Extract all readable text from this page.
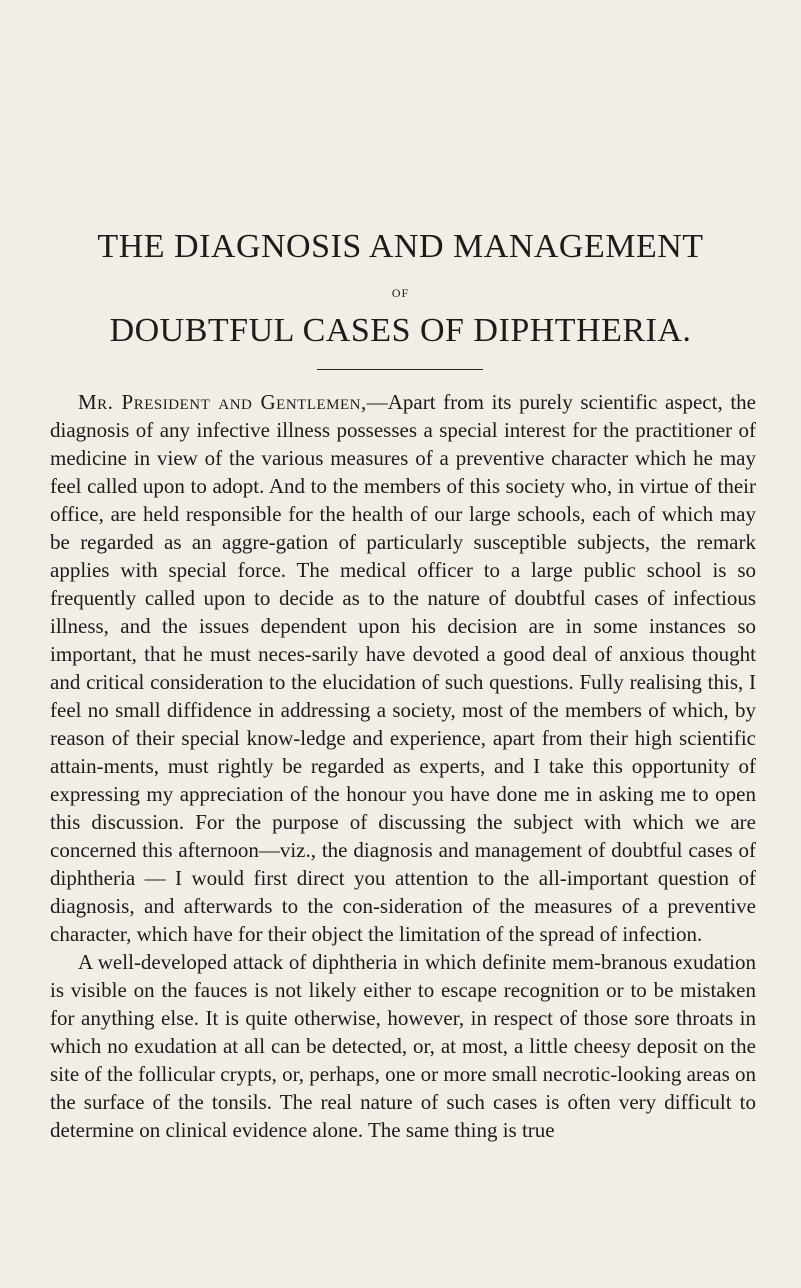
THE DIAGNOSIS AND MANAGEMENT
OF
DOUBTFUL CASES OF DIPHTHERIA.

Mr. President and Gentlemen,—Apart from its purely scientific aspect, the diagnosis of any infective illness possesses a special interest for the practitioner of medicine in view of the various measures of a preventive character which he may feel called upon to adopt. And to the members of this society who, in virtue of their office, are held responsible for the health of our large schools, each of which may be regarded as an aggre-gation of particularly susceptible subjects, the remark applies with special force. The medical officer to a large public school is so frequently called upon to decide as to the nature of doubtful cases of infectious illness, and the issues dependent upon his decision are in some instances so important, that he must neces-sarily have devoted a good deal of anxious thought and critical consideration to the elucidation of such questions. Fully realising this, I feel no small diffidence in addressing a society, most of the members of which, by reason of their special know-ledge and experience, apart from their high scientific attain-ments, must rightly be regarded as experts, and I take this opportunity of expressing my appreciation of the honour you have done me in asking me to open this discussion. For the purpose of discussing the subject with which we are concerned this afternoon—viz., the diagnosis and management of doubtful cases of diphtheria — I would first direct you attention to the all-important question of diagnosis, and afterwards to the con-sideration of the measures of a preventive character, which have for their object the limitation of the spread of infection.

A well-developed attack of diphtheria in which definite mem-branous exudation is visible on the fauces is not likely either to escape recognition or to be mistaken for anything else. It is quite otherwise, however, in respect of those sore throats in which no exudation at all can be detected, or, at most, a little cheesy deposit on the site of the follicular crypts, or, perhaps, one or more small necrotic-looking areas on the surface of the tonsils. The real nature of such cases is often very difficult to determine on clinical evidence alone. The same thing is true
